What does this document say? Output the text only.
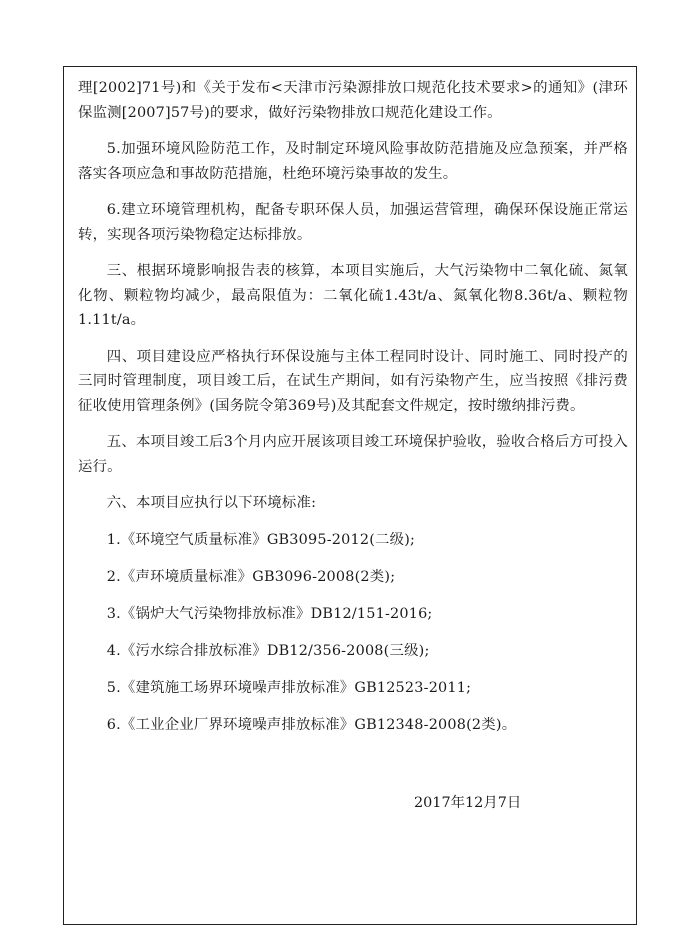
理[2002]71号)和《关于发布<天津市污染源排放口规范化技术要求>的通知》(津环保监测[2007]57号)的要求，做好污染物排放口规范化建设工作。

5.加强环境风险防范工作，及时制定环境风险事故防范措施及应急预案，并严格落实各项应急和事故防范措施，杜绝环境污染事故的发生。

6.建立环境管理机构，配备专职环保人员，加强运营管理，确保环保设施正常运转，实现各项污染物稳定达标排放。

三、根据环境影响报告表的核算，本项目实施后，大气污染物中二氧化硫、氮氧化物、颗粒物均减少，最高限值为：二氧化硫1.43t/a、氮氧化物8.36t/a、颗粒物1.11t/a。

四、项目建设应严格执行环保设施与主体工程同时设计、同时施工、同时投产的三同时管理制度，项目竣工后，在试生产期间，如有污染物产生，应当按照《排污费征收使用管理条例》(国务院令第369号)及其配套文件规定，按时缴纳排污费。

五、本项目竣工后3个月内应开展该项目竣工环境保护验收，验收合格后方可投入运行。

六、本项目应执行以下环境标准:

1.《环境空气质量标准》GB3095-2012(二级);

2.《声环境质量标准》GB3096-2008(2类);

3.《锅炉大气污染物排放标准》DB12/151-2016;

4.《污水综合排放标准》DB12/356-2008(三级);

5.《建筑施工场界环境噪声排放标准》GB12523-2011;

6.《工业企业厂界环境噪声排放标准》GB12348-2008(2类)。

2017年12月7日
